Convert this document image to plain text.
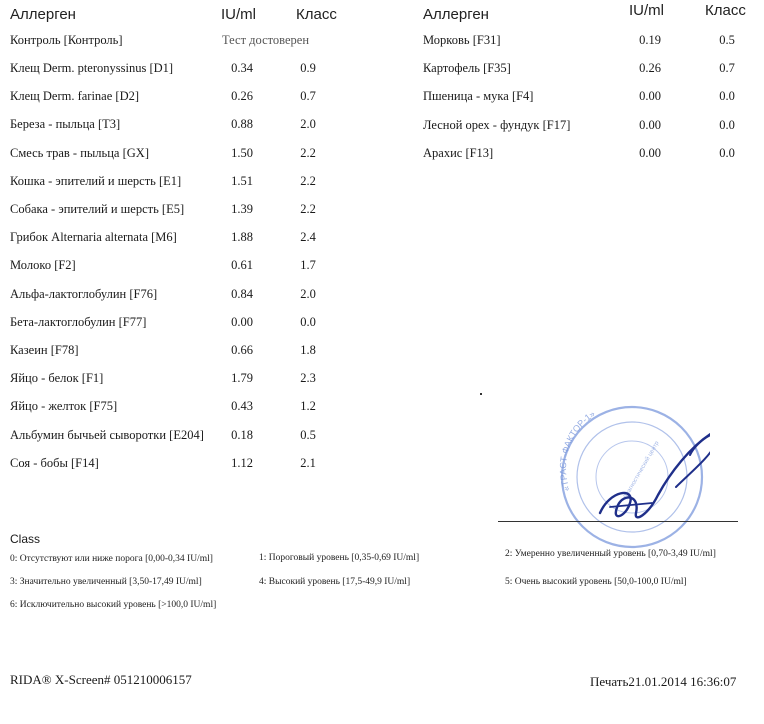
Аллерген	IU/ml	Класс
Контроль [Контроль]	Тест достоверен
Клещ Derm. pteronyssinus [D1]	0.34	0.9
Клещ Derm. farinae [D2]	0.26	0.7
Береза - пыльца [T3]	0.88	2.0
Смесь трав - пыльца [GX]	1.50	2.2
Кошка - эпителий и шерсть [E1]	1.51	2.2
Собака - эпителий и шерсть [E5]	1.39	2.2
Грибок Alternaria alternata [M6]	1.88	2.4
Молоко [F2]	0.61	1.7
Альфа-лактоглобулин [F76]	0.84	2.0
Бета-лактоглобулин [F77]	0.00	0.0
Казеин [F78]	0.66	1.8
Яйцо - белок [F1]	1.79	2.3
Яйцо - желток [F75]	0.43	1.2
Альбумин бычьей сыворотки [E204]	0.18	0.5
Соя - бобы [F14]	1.12	2.1
Аллерген	IU/ml	Класс
Морковь [F31]	0.19	0.5
Картофель [F35]	0.26	0.7
Пшеница - мука [F4]	0.00	0.0
Лесной орех - фундук [F17]	0.00	0.0
Арахис [F13]	0.00	0.0
«ТРАСТ-ФАКТОР-1»
Диагностический центр
Class
0: Отсутствуют или ниже порога [0,00-0,34 IU/ml]	1: Пороговый уровень [0,35-0,69 IU/ml]	2: Умеренно увеличенный уровень [0,70-3,49 IU/ml]
3: Значительно увеличенный [3,50-17,49 IU/ml]	4: Высокий уровень [17,5-49,9 IU/ml]	5: Очень высокий уровень [50,0-100,0 IU/ml]
6: Исключительно высокий уровень [>100,0 IU/ml]
RIDA® X-Screen# 051210006157	Печать21.01.2014 16:36:07
